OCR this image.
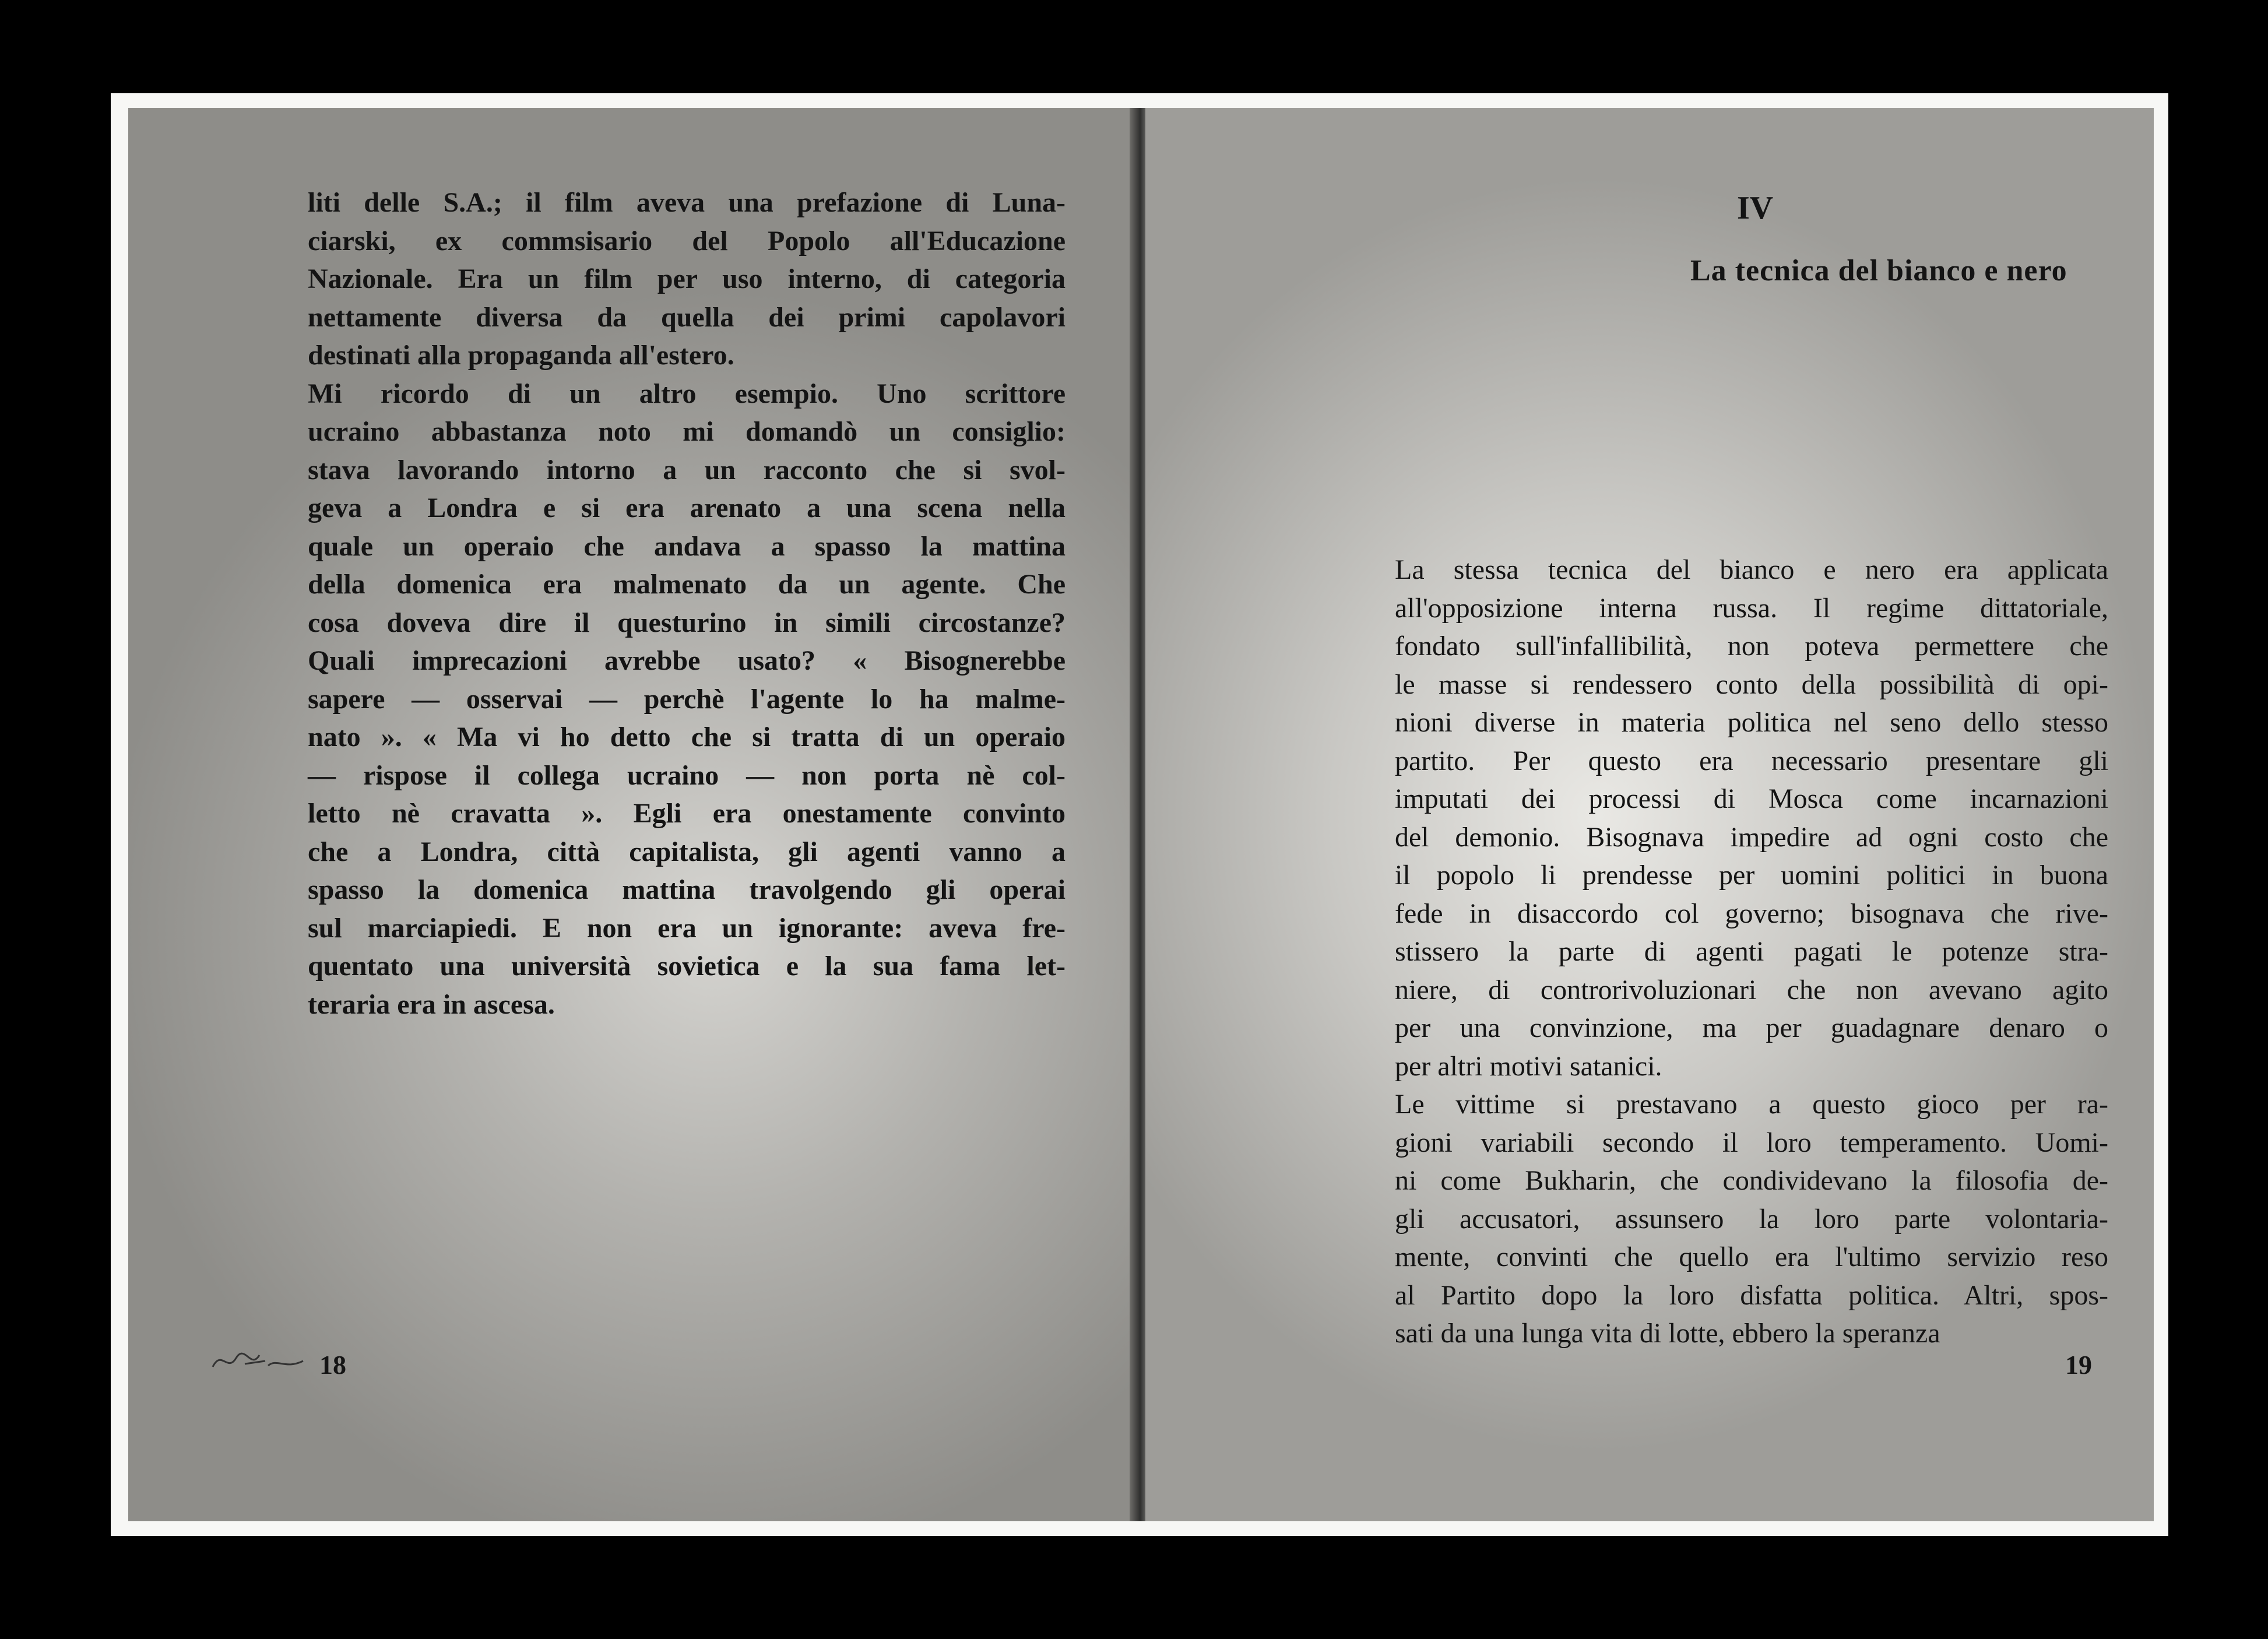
liti delle S.A.; il film aveva una prefazione di Luna-
ciarski, ex commsisario del Popolo all'Educazione
Nazionale. Era un film per uso interno, di categoria
nettamente diversa da quella dei primi capolavori
destinati alla propaganda all'estero.
Mi ricordo di un altro esempio. Uno scrittore
ucraino abbastanza noto mi domandò un consiglio:
stava lavorando intorno a un racconto che si svol-
geva a Londra e si era arenato a una scena nella
quale un operaio che andava a spasso la mattina
della domenica era malmenato da un agente. Che
cosa doveva dire il questurino in simili circostanze?
Quali imprecazioni avrebbe usato? « Bisognerebbe
sapere — osservai — perchè l'agente lo ha malme-
nato ». « Ma vi ho detto che si tratta di un operaio
— rispose il collega ucraino — non porta nè col-
letto nè cravatta ». Egli era onestamente convinto
che a Londra, città capitalista, gli agenti vanno a
spasso la domenica mattina travolgendo gli operai
sul marciapiedi. E non era un ignorante: aveva fre-
quentato una università sovietica e la sua fama let-
teraria era in ascesa.

18

IV

La tecnica del bianco e nero

La stessa tecnica del bianco e nero era applicata
all'opposizione interna russa. Il regime dittatoriale,
fondato sull'infallibilità, non poteva permettere che
le masse si rendessero conto della possibilità di opi-
nioni diverse in materia politica nel seno dello stesso
partito. Per questo era necessario presentare gli
imputati dei processi di Mosca come incarnazioni
del demonio. Bisognava impedire ad ogni costo che
il popolo li prendesse per uomini politici in buona
fede in disaccordo col governo; bisognava che rive-
stissero la parte di agenti pagati le potenze stra-
niere, di controrivoluzionari che non avevano agito
per una convinzione, ma per guadagnare denaro o
per altri motivi satanici.
Le vittime si prestavano a questo gioco per ra-
gioni variabili secondo il loro temperamento. Uomi-
ni come Bukharin, che condividevano la filosofia de-
gli accusatori, assunsero la loro parte volontaria-
mente, convinti che quello era l'ultimo servizio reso
al Partito dopo la loro disfatta politica. Altri, spos-
sati da una lunga vita di lotte, ebbero la speranza

19
